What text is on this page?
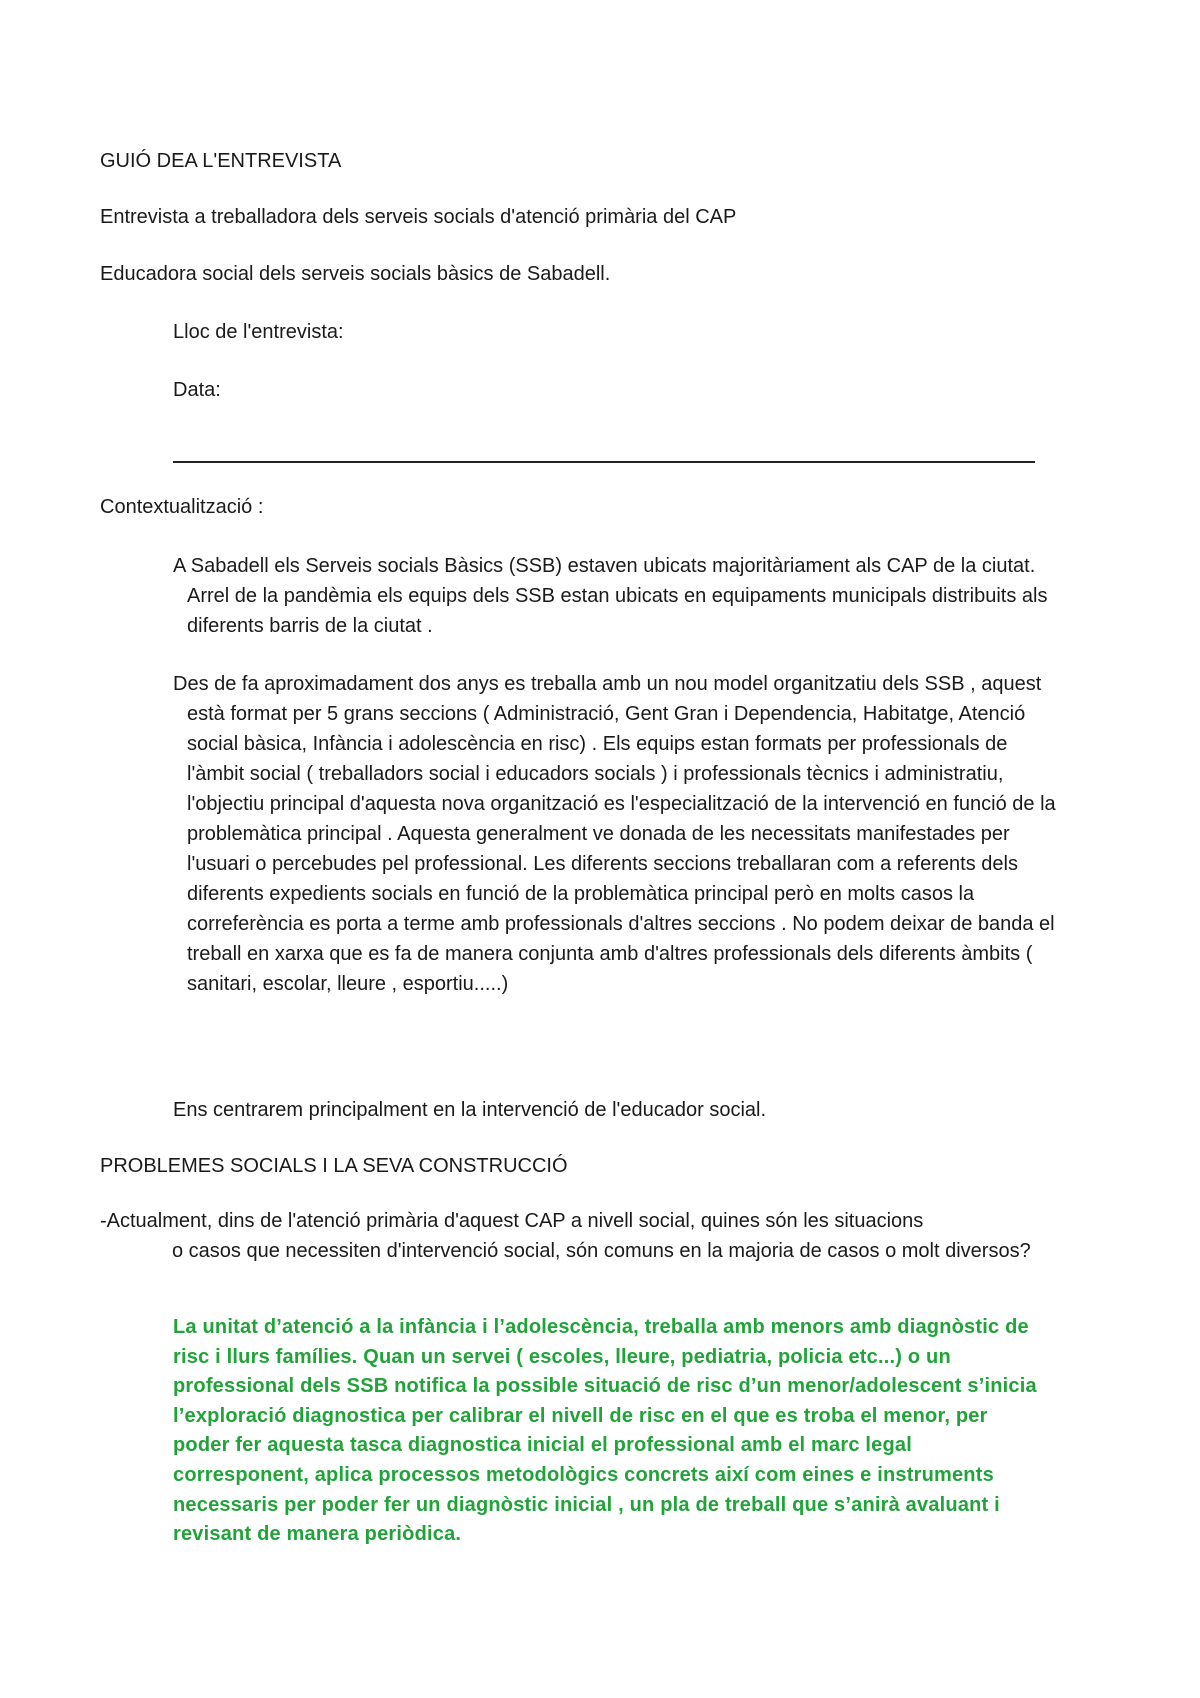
GUIÓ DEA L'ENTREVISTA

Entrevista a treballadora dels serveis socials d'atenció primària del CAP

Educadora social dels serveis socials bàsics de Sabadell.

Lloc de l'entrevista:

Data:

Contextualització :

A Sabadell els Serveis socials Bàsics (SSB) estaven ubicats majoritàriament als CAP de la ciutat. Arrel de la pandèmia els equips dels SSB estan ubicats en equipaments municipals distribuits als diferents barris de la ciutat .

Des de fa aproximadament dos anys es treballa amb un nou model organitzatiu dels SSB , aquest està format per 5 grans seccions ( Administració, Gent Gran i Dependencia, Habitatge, Atenció social bàsica, Infància i adolescència en risc) . Els equips estan formats per professionals de l'àmbit social ( treballadors social i educadors socials ) i professionals tècnics i administratiu, l'objectiu principal d'aquesta nova organització es l'especialització de la intervenció en funció de la problemàtica principal . Aquesta generalment ve donada de les necessitats manifestades per l'usuari o percebudes pel professional. Les diferents seccions treballaran com a referents dels diferents expedients socials en funció de la problemàtica principal però en molts casos la correferència es porta a terme amb professionals d'altres seccions . No podem deixar de banda el treball en xarxa que es fa de manera conjunta amb d'altres professionals dels diferents àmbits ( sanitari, escolar, lleure , esportiu.....)

Ens centrarem principalment en la intervenció de l'educador social.

PROBLEMES SOCIALS I LA SEVA CONSTRUCCIÓ

-Actualment, dins de l'atenció primària d'aquest CAP a nivell social, quines són les situacions
o casos que necessiten d'intervenció social, són comuns en la majoria de casos o molt diversos?

La unitat d’atenció a la infància i l’adolescència, treballa amb menors amb diagnòstic de risc i llurs famílies. Quan un servei ( escoles, lleure, pediatria, policia etc...) o un professional dels SSB notifica la possible situació de risc d’un menor/adolescent s’inicia l’exploració diagnostica per calibrar el nivell de risc en el que es troba el menor, per poder fer aquesta tasca diagnostica inicial el professional amb el marc legal corresponent, aplica processos metodològics concrets així com eines e instruments necessaris per poder fer un diagnòstic inicial , un pla de treball que s’anirà avaluant i revisant de manera periòdica.
